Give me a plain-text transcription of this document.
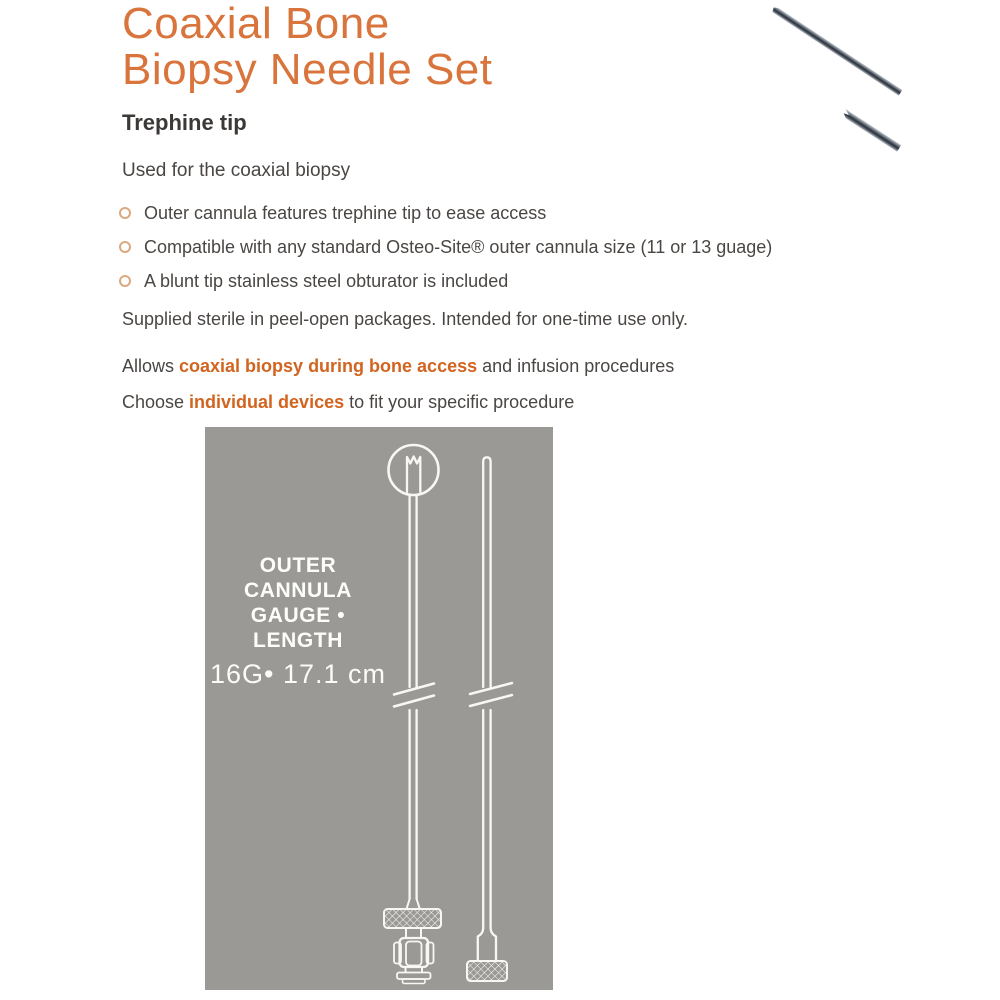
Coaxial Bone
Biopsy Needle Set
Trephine tip
Used for the coaxial biopsy
Outer cannula features trephine tip to ease access
Compatible with any standard Osteo-Site® outer cannula size (11 or 13 guage)
A blunt tip stainless steel obturator is included
Supplied sterile in peel-open packages. Intended for one-time use only.
Allows coaxial biopsy during bone access and infusion procedures
Choose individual devices to fit your specific procedure
OUTER CANNULA
GAUGE • LENGTH
16G• 17.1 cm
